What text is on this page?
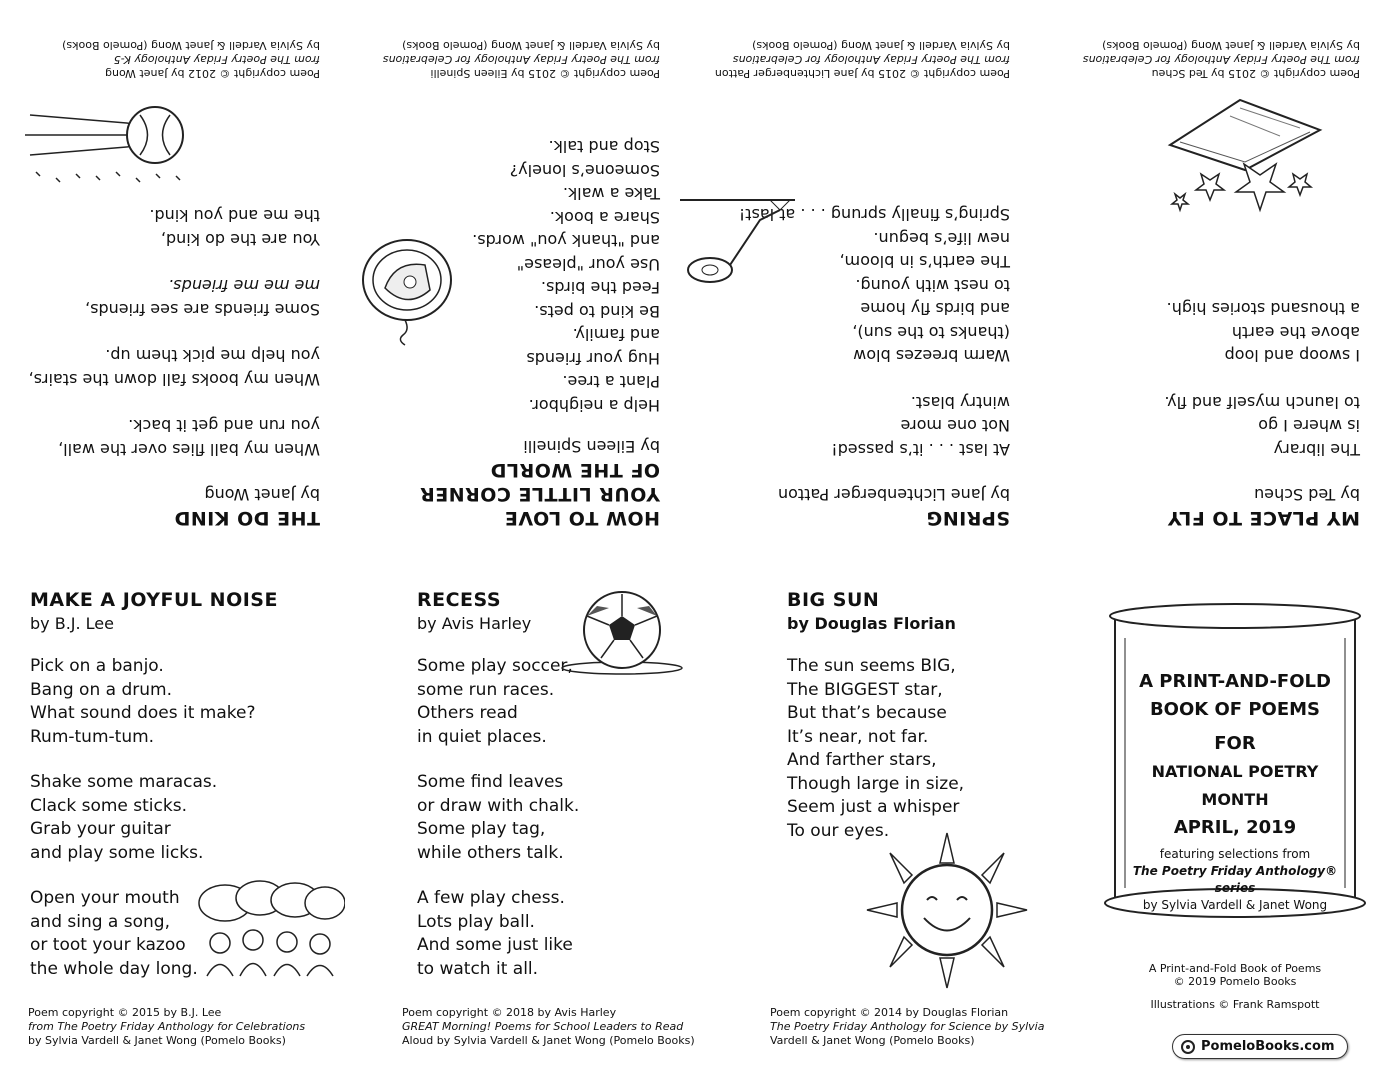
MY PLACE TO FLY
by Ted Scheu
The library
is where I go
to launch myself and fly.
I swoop and loop
above the earth
a thousand stories high.
Poem copyright © 2015 by Ted Scheu
from The Poetry Friday Anthology for Celebrations
by Sylvia Vardell & Janet Wong (Pomelo Books)
SPRING
by Jane Lichtenberger Patton
At last . . . it’s passed!
Not one more
wintry blast.
Warm breezes blow
(thanks to the sun),
and birds fly home
to nest with young.
The earth’s in bloom,
new life’s begun.
Spring’s finally sprung . . . at last!
Poem copyright © 2015 by Jane Lichtenberger Patton
from The Poetry Friday Anthology for Celebrations
by Sylvia Vardell & Janet Wong (Pomelo Books)
HOW TO LOVE
YOUR LITTLE CORNER
OF THE WORLD
by Eileen Spinelli
Help a neighbor.
Plant a tree.
Hug your friends
and family.
Be kind to pets.
Feed the birds.
Use your "please"
and "thank you" words.
Share a book.
Take a walk.
Someone’s lonely?
Stop and talk.
Poem copyright © 2015 by Eileen Spinelli
from The Poetry Friday Anthology for Celebrations
by Sylvia Vardell & Janet Wong (Pomelo Books)
THE DO KIND
by Janet Wong
When my ball flies over the wall,
you run and get it back.
When my books fall down the stairs,
you help me pick them up.
Some friends are see friends,
me me me friends.
You are the do kind,
the me and you kind.
Poem copyright © 2012 by Janet Wong
from The Poetry Friday Anthology K-5
by Sylvia Vardell & Janet Wong (Pomelo Books)
MAKE A JOYFUL NOISE
by B.J. Lee
Pick on a banjo.
Bang on a drum.
What sound does it make?
Rum-tum-tum.
Shake some maracas.
Clack some sticks.
Grab your guitar
and play some licks.
Open your mouth
and sing a song,
or toot your kazoo
the whole day long.
Poem copyright © 2015 by B.J. Lee
from The Poetry Friday Anthology for Celebrations
by Sylvia Vardell & Janet Wong (Pomelo Books)
RECESS
by Avis Harley
Some play soccer,
some run races.
Others read
in quiet places.
Some find leaves
or draw with chalk.
Some play tag,
while others talk.
A few play chess.
Lots play ball.
And some just like
to watch it all.
Poem copyright © 2018 by Avis Harley
GREAT Morning! Poems for School Leaders to Read
Aloud by Sylvia Vardell & Janet Wong (Pomelo Books)
BIG SUN
by Douglas Florian
The sun seems BIG,
The BIGGEST star,
But that’s because
It’s near, not far.
And farther stars,
Though large in size,
Seem just a whisper
To our eyes.
Poem copyright © 2014 by Douglas Florian
The Poetry Friday Anthology for Science by Sylvia
Vardell & Janet Wong (Pomelo Books)
A PRINT-AND-FOLD
BOOK OF POEMS
FOR
NATIONAL POETRY MONTH
APRIL, 2019
featuring selections from
The Poetry Friday Anthology® series
by Sylvia Vardell & Janet Wong
A Print-and-Fold Book of Poems
© 2019 Pomelo Books
Illustrations © Frank Ramspott
PomeloBooks.com
